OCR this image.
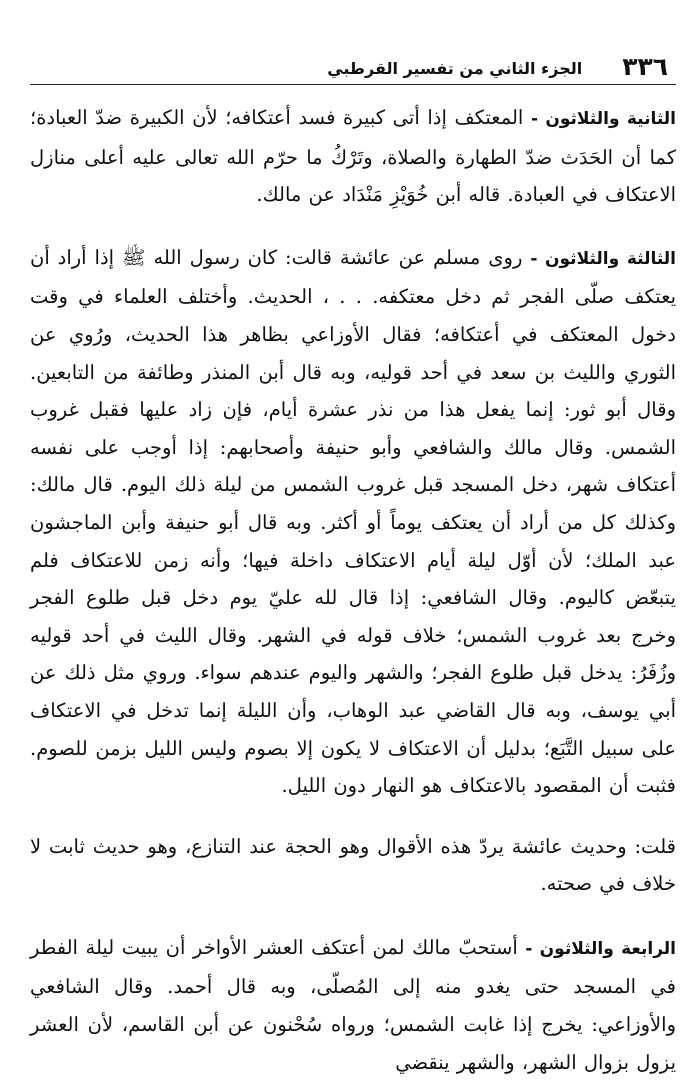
٣٣٦
الجزء الثاني من تفسير القرطبي

الثانية والثلاثون - المعتكف إذا أتى كبيرة فسد أعتكافه؛ لأن الكبيرة ضدّ العبادة؛ كما أن الحَدَث ضدّ الطهارة والصلاة، وتَرْكُ ما حرّم الله تعالى عليه أعلى منازل الاعتكاف في العبادة. قاله أبن خُوَيْزِ مَنْدَاد عن مالك.

الثالثة والثلاثون - روى مسلم عن عائشة قالت: كان رسول الله ﷺ إذا أراد أن يعتكف صلّى الفجر ثم دخل معتكفه. . . ، الحديث. وأختلف العلماء في وقت دخول المعتكف في أعتكافه؛ فقال الأوزاعي بظاهر هذا الحديث، ورُوي عن الثوري والليث بن سعد في أحد قوليه، وبه قال أبن المنذر وطائفة من التابعين. وقال أبو ثور: إنما يفعل هذا من نذر عشرة أيام، فإن زاد عليها فقبل غروب الشمس. وقال مالك والشافعي وأبو حنيفة وأصحابهم: إذا أوجب على نفسه أعتكاف شهر، دخل المسجد قبل غروب الشمس من ليلة ذلك اليوم. قال مالك: وكذلك كل من أراد أن يعتكف يوماً أو أكثر. وبه قال أبو حنيفة وأبن الماجشون عبد الملك؛ لأن أوّل ليلة أيام الاعتكاف داخلة فيها؛ وأنه زمن للاعتكاف فلم يتبعّض كاليوم. وقال الشافعي: إذا قال لله عليّ يوم دخل قبل طلوع الفجر وخرج بعد غروب الشمس؛ خلاف قوله في الشهر. وقال الليث في أحد قوليه وزُفَرُ: يدخل قبل طلوع الفجر؛ والشهر واليوم عندهم سواء. وروي مثل ذلك عن أبي يوسف، وبه قال القاضي عبد الوهاب، وأن الليلة إنما تدخل في الاعتكاف على سبيل التَّبَع؛ بدليل أن الاعتكاف لا يكون إلا بصوم وليس الليل بزمن للصوم. فثبت أن المقصود بالاعتكاف هو النهار دون الليل.

قلت: وحديث عائشة يردّ هذه الأقوال وهو الحجة عند التنازع، وهو حديث ثابت لا خلاف في صحته.

الرابعة والثلاثون - أستحبّ مالك لمن أعتكف العشر الأواخر أن يبيت ليلة الفطر في المسجد حتى يغدو منه إلى المُصلّى، وبه قال أحمد. وقال الشافعي والأوزاعي: يخرج إذا غابت الشمس؛ ورواه سُحْنون عن أبن القاسم، لأن العشر يزول بزوال الشهر، والشهر ينقضي
